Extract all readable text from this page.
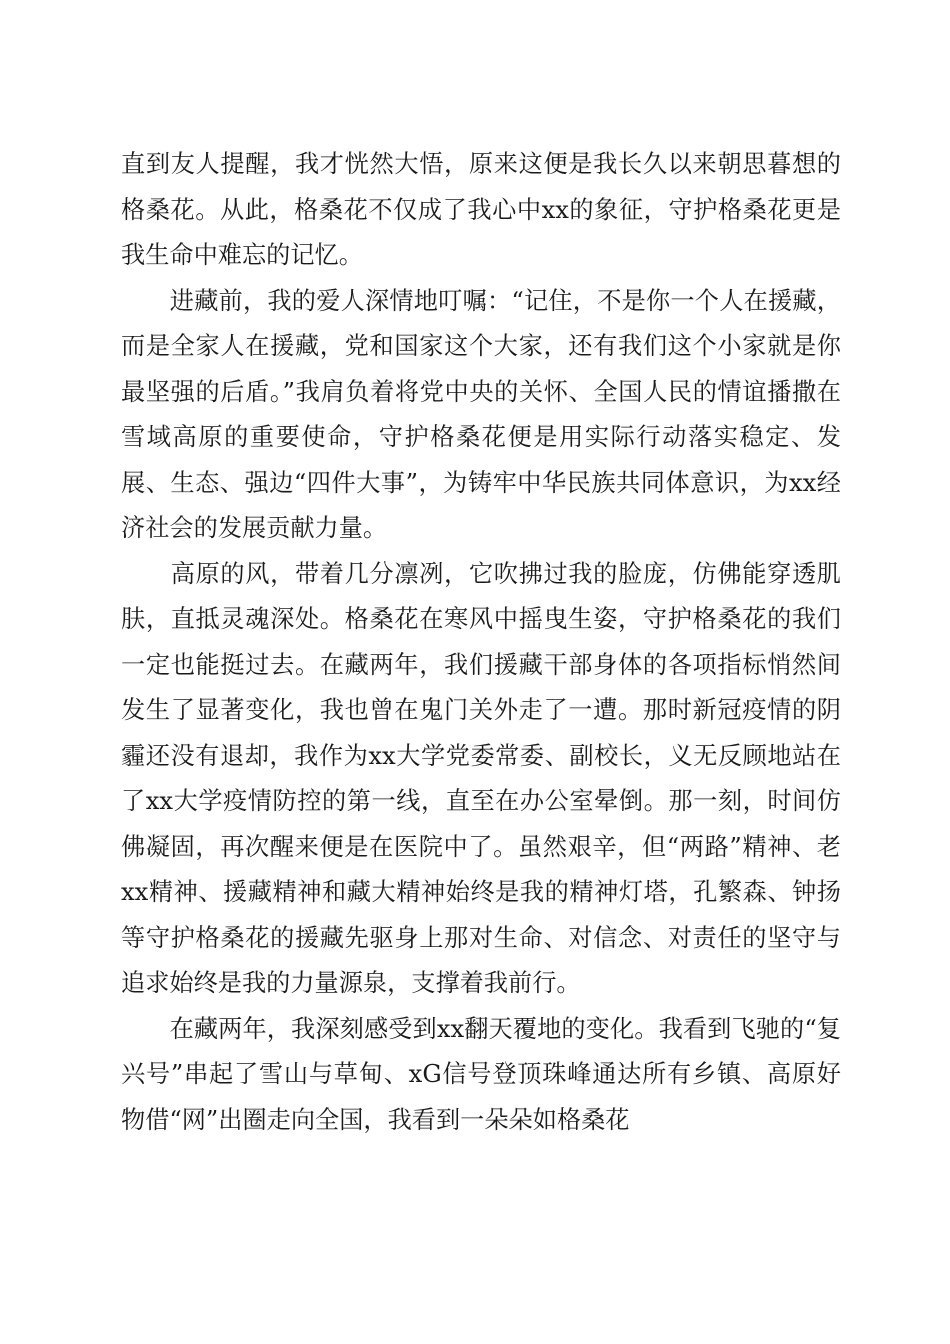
直到友人提醒，我才恍然大悟，原来这便是我长久以来朝思暮想的格桑花。从此，格桑花不仅成了我心中xx的象征，守护格桑花更是我生命中难忘的记忆。

　　进藏前，我的爱人深情地叮嘱：“记住，不是你一个人在援藏，而是全家人在援藏，党和国家这个大家，还有我们这个小家就是你最坚强的后盾。”我肩负着将党中央的关怀、全国人民的情谊播撒在雪域高原的重要使命，守护格桑花便是用实际行动落实稳定、发展、生态、强边“四件大事”，为铸牢中华民族共同体意识，为xx经济社会的发展贡献力量。

　　高原的风，带着几分凛冽，它吹拂过我的脸庞，仿佛能穿透肌肤，直抵灵魂深处。格桑花在寒风中摇曳生姿，守护格桑花的我们一定也能挺过去。在藏两年，我们援藏干部身体的各项指标悄然间发生了显著变化，我也曾在鬼门关外走了一遭。那时新冠疫情的阴霾还没有退却，我作为xx大学党委常委、副校长，义无反顾地站在了xx大学疫情防控的第一线，直至在办公室晕倒。那一刻，时间仿佛凝固，再次醒来便是在医院中了。虽然艰辛，但“两路”精神、老xx精神、援藏精神和藏大精神始终是我的精神灯塔，孔繁森、钟扬等守护格桑花的援藏先驱身上那对生命、对信念、对责任的坚守与追求始终是我的力量源泉，支撑着我前行。

　　在藏两年，我深刻感受到xx翻天覆地的变化。我看到飞驰的“复兴号”串起了雪山与草甸、xG信号登顶珠峰通达所有乡镇、高原好物借“网”出圈走向全国，我看到一朵朵如格桑花
